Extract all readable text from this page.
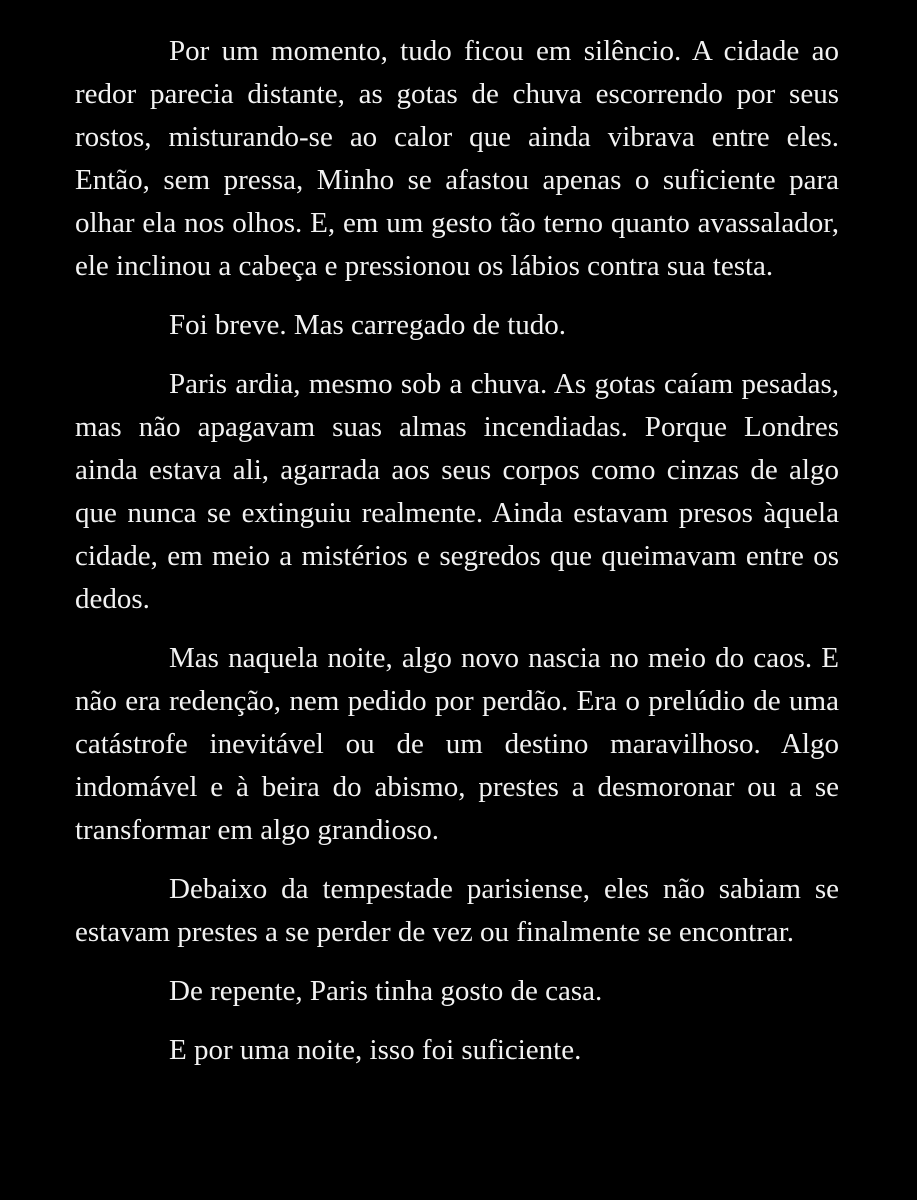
Por um momento, tudo ficou em silêncio. A cidade ao redor parecia distante, as gotas de chuva escorrendo por seus rostos, misturando-se ao calor que ainda vibrava entre eles. Então, sem pressa, Minho se afastou apenas o suficiente para olhar ela nos olhos. E, em um gesto tão terno quanto avassalador, ele inclinou a cabeça e pressionou os lábios contra sua testa.

Foi breve. Mas carregado de tudo.

Paris ardia, mesmo sob a chuva. As gotas caíam pesadas, mas não apagavam suas almas incendiadas. Porque Londres ainda estava ali, agarrada aos seus corpos como cinzas de algo que nunca se extinguiu realmente. Ainda estavam presos àquela cidade, em meio a mistérios e segredos que queimavam entre os dedos.

Mas naquela noite, algo novo nascia no meio do caos. E não era redenção, nem pedido por perdão. Era o prelúdio de uma catástrofe inevitável ou de um destino maravilhoso. Algo indomável e à beira do abismo, prestes a desmoronar ou a se transformar em algo grandioso.

Debaixo da tempestade parisiense, eles não sabiam se estavam prestes a se perder de vez ou finalmente se encontrar.

De repente, Paris tinha gosto de casa.

E por uma noite, isso foi suficiente.
